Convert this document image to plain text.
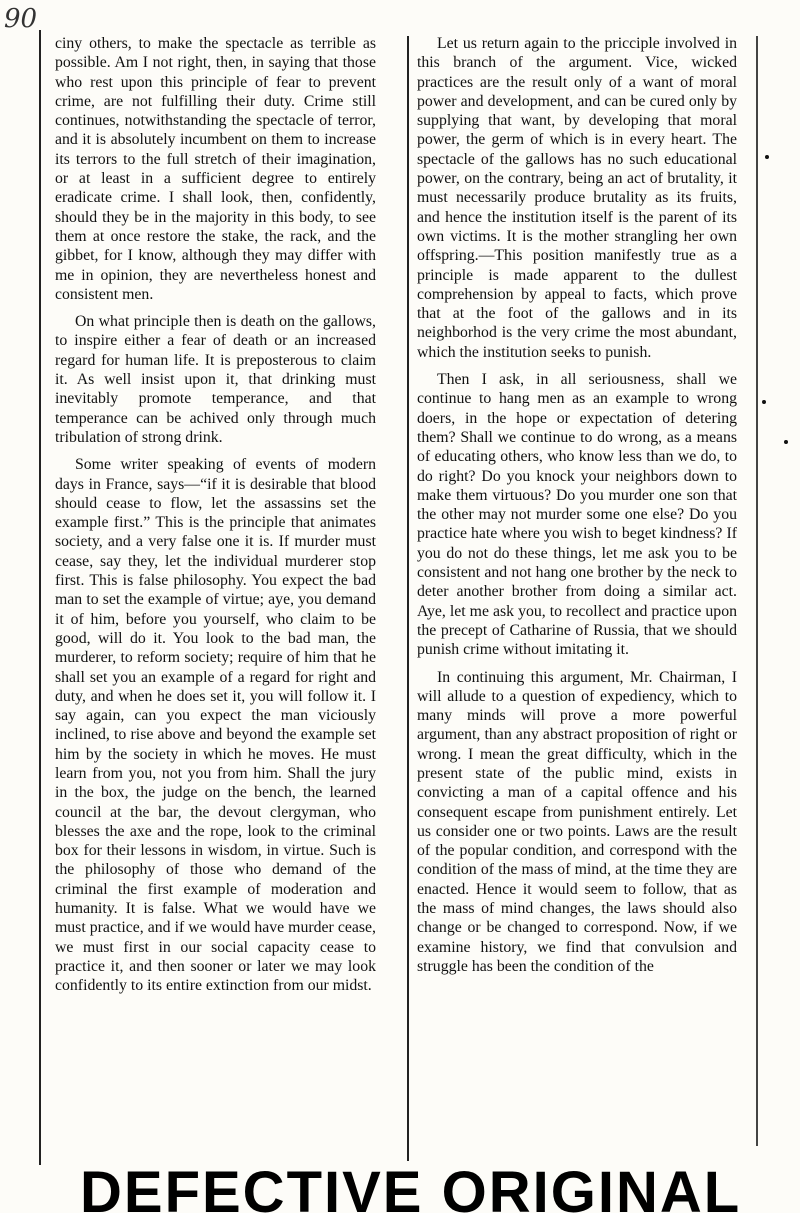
90

ciny others, to make the spectacle as terrible as possible. Am I not right, then, in saying that those who rest upon this principle of fear to prevent crime, are not fulfilling their duty. Crime still continues, notwithstanding the spectacle of terror, and it is absolutely incumbent on them to increase its terrors to the full stretch of their imagination, or at least in a sufficient degree to entirely eradicate crime. I shall look, then, confidently, should they be in the majority in this body, to see them at once restore the stake, the rack, and the gibbet, for I know, although they may differ with me in opinion, they are nevertheless honest and consistent men.

On what principle then is death on the gallows, to inspire either a fear of death or an increased regard for human life. It is preposterous to claim it. As well insist upon it, that drinking must inevitably promote temperance, and that temperance can be achived only through much tribulation of strong drink.

Some writer speaking of events of modern days in France, says—“if it is desirable that blood should cease to flow, let the assassins set the example first.” This is the principle that animates society, and a very false one it is. If murder must cease, say they, let the individual murderer stop first. This is false philosophy. You expect the bad man to set the example of virtue; aye, you demand it of him, before you yourself, who claim to be good, will do it. You look to the bad man, the murderer, to reform society; require of him that he shall set you an example of a regard for right and duty, and when he does set it, you will follow it. I say again, can you expect the man viciously inclined, to rise above and beyond the example set him by the society in which he moves. He must learn from you, not you from him. Shall the jury in the box, the judge on the bench, the learned council at the bar, the devout clergyman, who blesses the axe and the rope, look to the criminal box for their lessons in wisdom, in virtue. Such is the philosophy of those who demand of the criminal the first example of moderation and humanity. It is false. What we would have we must practice, and if we would have murder cease, we must first in our social capacity cease to practice it, and then sooner or later we may look confidently to its entire extinction from our midst.

Let us return again to the pricciple involved in this branch of the argument. Vice, wicked practices are the result only of a want of moral power and development, and can be cured only by supplying that want, by developing that moral power, the germ of which is in every heart. The spectacle of the gallows has no such educational power, on the contrary, being an act of brutality, it must necessarily produce brutality as its fruits, and hence the institution itself is the parent of its own victims. It is the mother strangling her own offspring.—This position manifestly true as a principle is made apparent to the dullest comprehension by appeal to facts, which prove that at the foot of the gallows and in its neighborhod is the very crime the most abundant, which the institution seeks to punish.

Then I ask, in all seriousness, shall we continue to hang men as an example to wrong doers, in the hope or expectation of detering them? Shall we continue to do wrong, as a means of educating others, who know less than we do, to do right? Do you knock your neighbors down to make them virtuous? Do you murder one son that the other may not murder some one else? Do you practice hate where you wish to beget kindness? If you do not do these things, let me ask you to be consistent and not hang one brother by the neck to deter another brother from doing a similar act. Aye, let me ask you, to recollect and practice upon the precept of Catharine of Russia, that we should punish crime without imitating it.

In continuing this argument, Mr. Chairman, I will allude to a question of expediency, which to many minds will prove a more powerful argument, than any abstract proposition of right or wrong. I mean the great difficulty, which in the present state of the public mind, exists in convicting a man of a capital offence and his consequent escape from punishment entirely. Let us consider one or two points. Laws are the result of the popular condition, and correspond with the condition of the mass of mind, at the time they are enacted. Hence it would seem to follow, that as the mass of mind changes, the laws should also change or be changed to correspond. Now, if we examine history, we find that convulsion and struggle has been the condition of the

DEFECTIVE ORIGINAL
